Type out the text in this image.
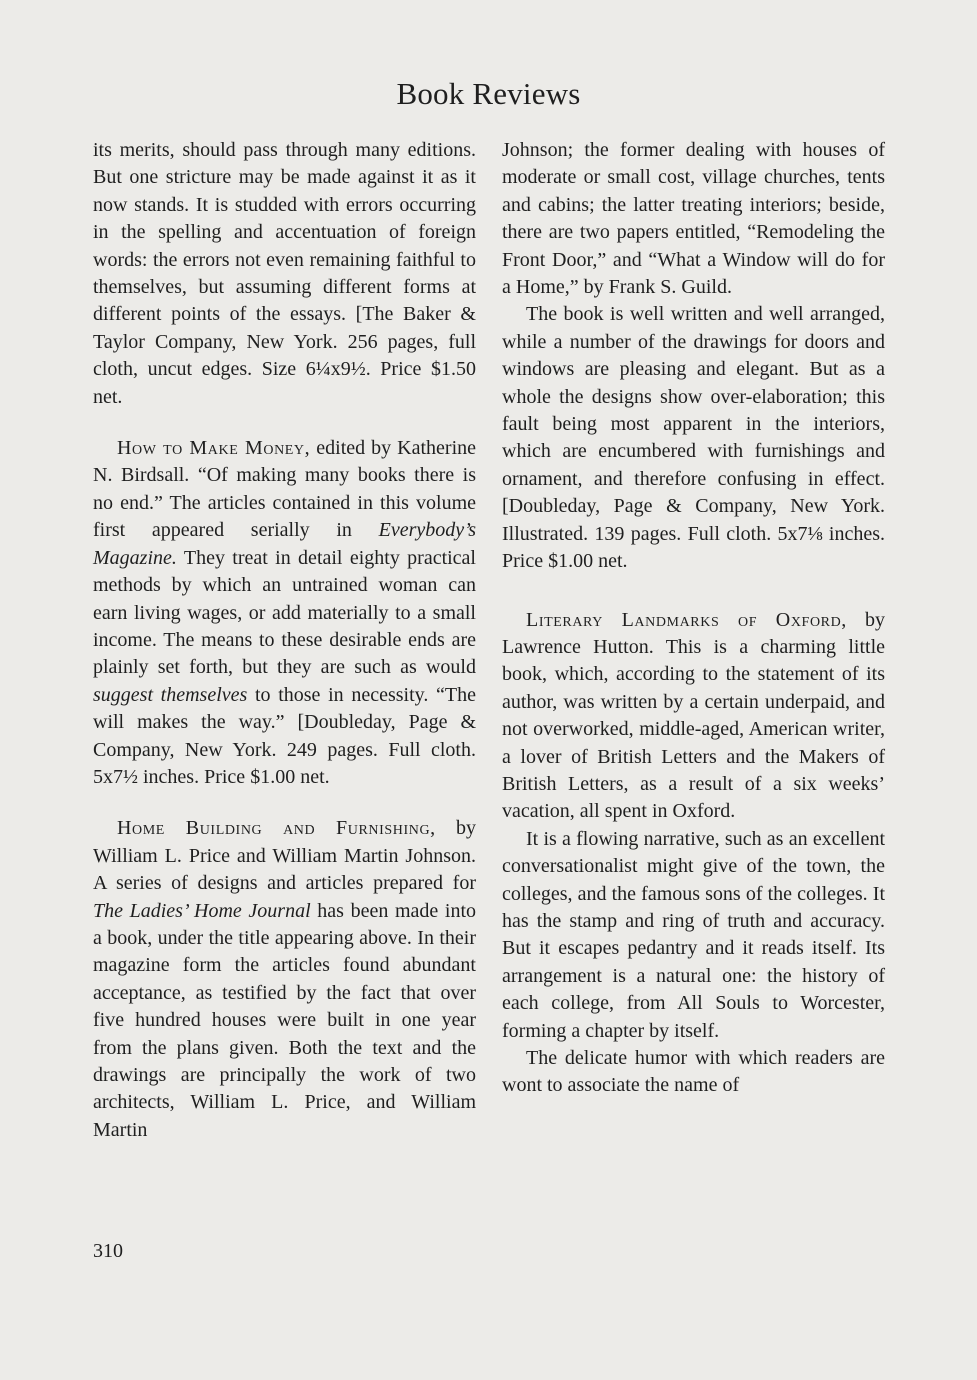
Book Reviews

its merits, should pass through many editions. But one stricture may be made against it as it now stands. It is studded with errors occurring in the spelling and accentuation of foreign words: the errors not even remaining faithful to themselves, but assuming different forms at different points of the essays. [The Baker & Taylor Company, New York. 256 pages, full cloth, uncut edges. Size 6¼x9½. Price $1.50 net.

How to Make Money, edited by Katherine N. Birdsall. “Of making many books there is no end.” The articles contained in this volume first appeared serially in Everybody’s Magazine. They treat in detail eighty practical methods by which an untrained woman can earn living wages, or add materially to a small income. The means to these desirable ends are plainly set forth, but they are such as would suggest themselves to those in necessity. “The will makes the way.” [Doubleday, Page & Company, New York. 249 pages. Full cloth. 5x7½ inches. Price $1.00 net.

Home Building and Furnishing, by William L. Price and William Martin Johnson. A series of designs and articles prepared for The Ladies’ Home Journal has been made into a book, under the title appearing above. In their magazine form the articles found abundant acceptance, as testified by the fact that over five hundred houses were built in one year from the plans given. Both the text and the drawings are principally the work of two architects, William L. Price, and William Martin

Johnson; the former dealing with houses of moderate or small cost, village churches, tents and cabins; the latter treating interiors; beside, there are two papers entitled, “Remodeling the Front Door,” and “What a Window will do for a Home,” by Frank S. Guild.

The book is well written and well arranged, while a number of the drawings for doors and windows are pleasing and elegant. But as a whole the designs show over-elaboration; this fault being most apparent in the interiors, which are encumbered with furnishings and ornament, and therefore confusing in effect. [Doubleday, Page & Company, New York. Illustrated. 139 pages. Full cloth. 5x7⅛ inches. Price $1.00 net.

Literary Landmarks of Oxford, by Lawrence Hutton. This is a charming little book, which, according to the statement of its author, was written by a certain underpaid, and not overworked, middle-aged, American writer, a lover of British Letters and the Makers of British Letters, as a result of a six weeks’ vacation, all spent in Oxford.

It is a flowing narrative, such as an excellent conversationalist might give of the town, the colleges, and the famous sons of the colleges. It has the stamp and ring of truth and accuracy. But it escapes pedantry and it reads itself. Its arrangement is a natural one: the history of each college, from All Souls to Worcester, forming a chapter by itself.

The delicate humor with which readers are wont to associate the name of

310
